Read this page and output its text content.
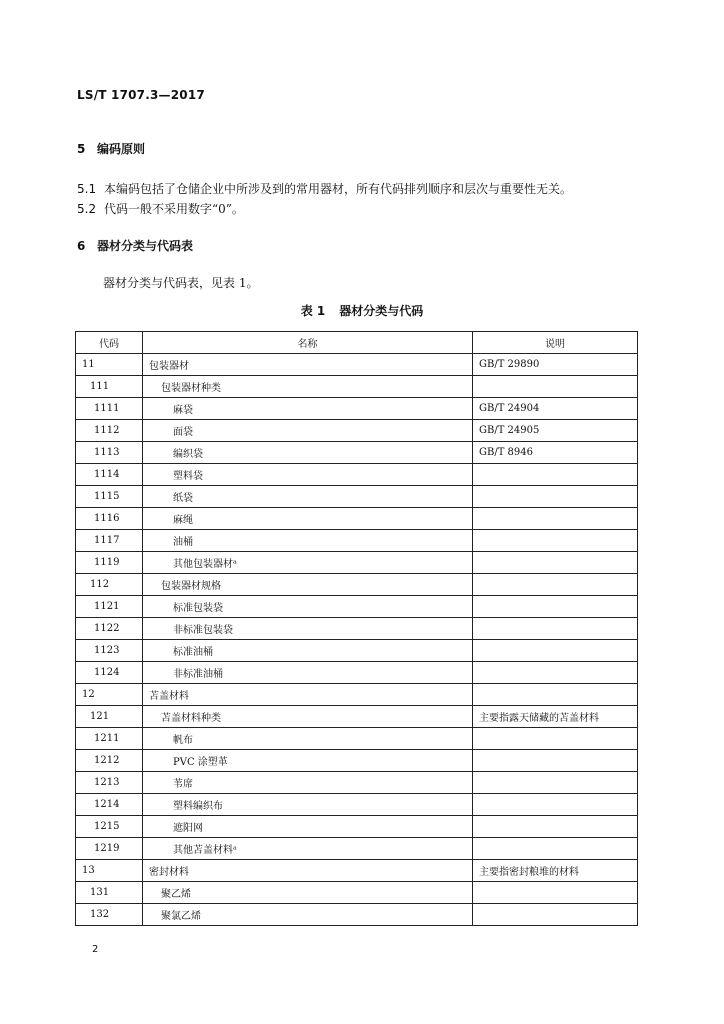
LS/T 1707.3—2017
5 编码原则
5.1 本编码包括了仓储企业中所涉及到的常用器材，所有代码排列顺序和层次与重要性无关。
5.2 代码一般不采用数字“0”。
6 器材分类与代码表
器材分类与代码表，见表 1。
表 1 器材分类与代码
代码	名称	说明
11	包装器材	GB/T 29890
111	包装器材种类	
1111	麻袋	GB/T 24904
1112	面袋	GB/T 24905
1113	编织袋	GB/T 8946
1114	塑料袋	
1115	纸袋	
1116	麻绳	
1117	油桶	
1119	其他包装器材ᵃ	
112	包装器材规格	
1121	标准包装袋	
1122	非标准包装袋	
1123	标准油桶	
1124	非标准油桶	
12	苫盖材料	
121	苫盖材料种类	主要指露天储藏的苫盖材料
1211	帆布	
1212	PVC 涂塑革	
1213	苇席	
1214	塑料编织布	
1215	遮阳网	
1219	其他苫盖材料ᵃ	
13	密封材料	主要指密封粮堆的材料
131	聚乙烯	
132	聚氯乙烯	
2
